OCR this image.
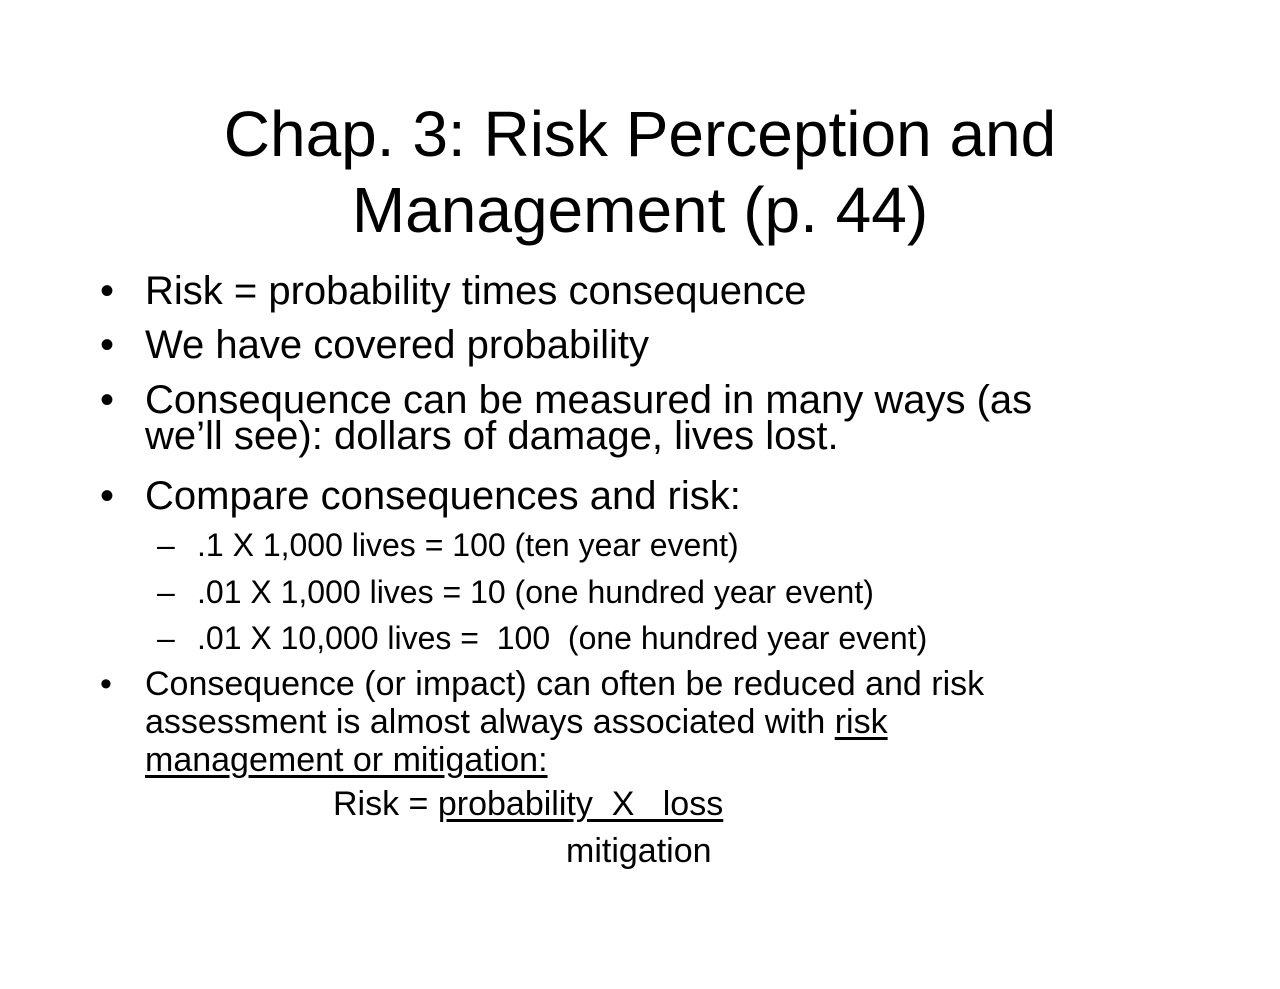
Chap. 3: Risk Perception and
Management (p. 44)
• Risk = probability times consequence
• We have covered probability
• Consequence can be measured in many ways (as
we’ll see): dollars of damage, lives lost.
• Compare consequences and risk:
– .1 X 1,000 lives = 100 (ten year event)
– .01 X 1,000 lives = 10 (one hundred year event)
– .01 X 10,000 lives =  100  (one hundred year event)
• Consequence (or impact) can often be reduced and risk
assessment is almost always associated with risk
management or mitigation:
Risk = probability  X   loss
mitigation
